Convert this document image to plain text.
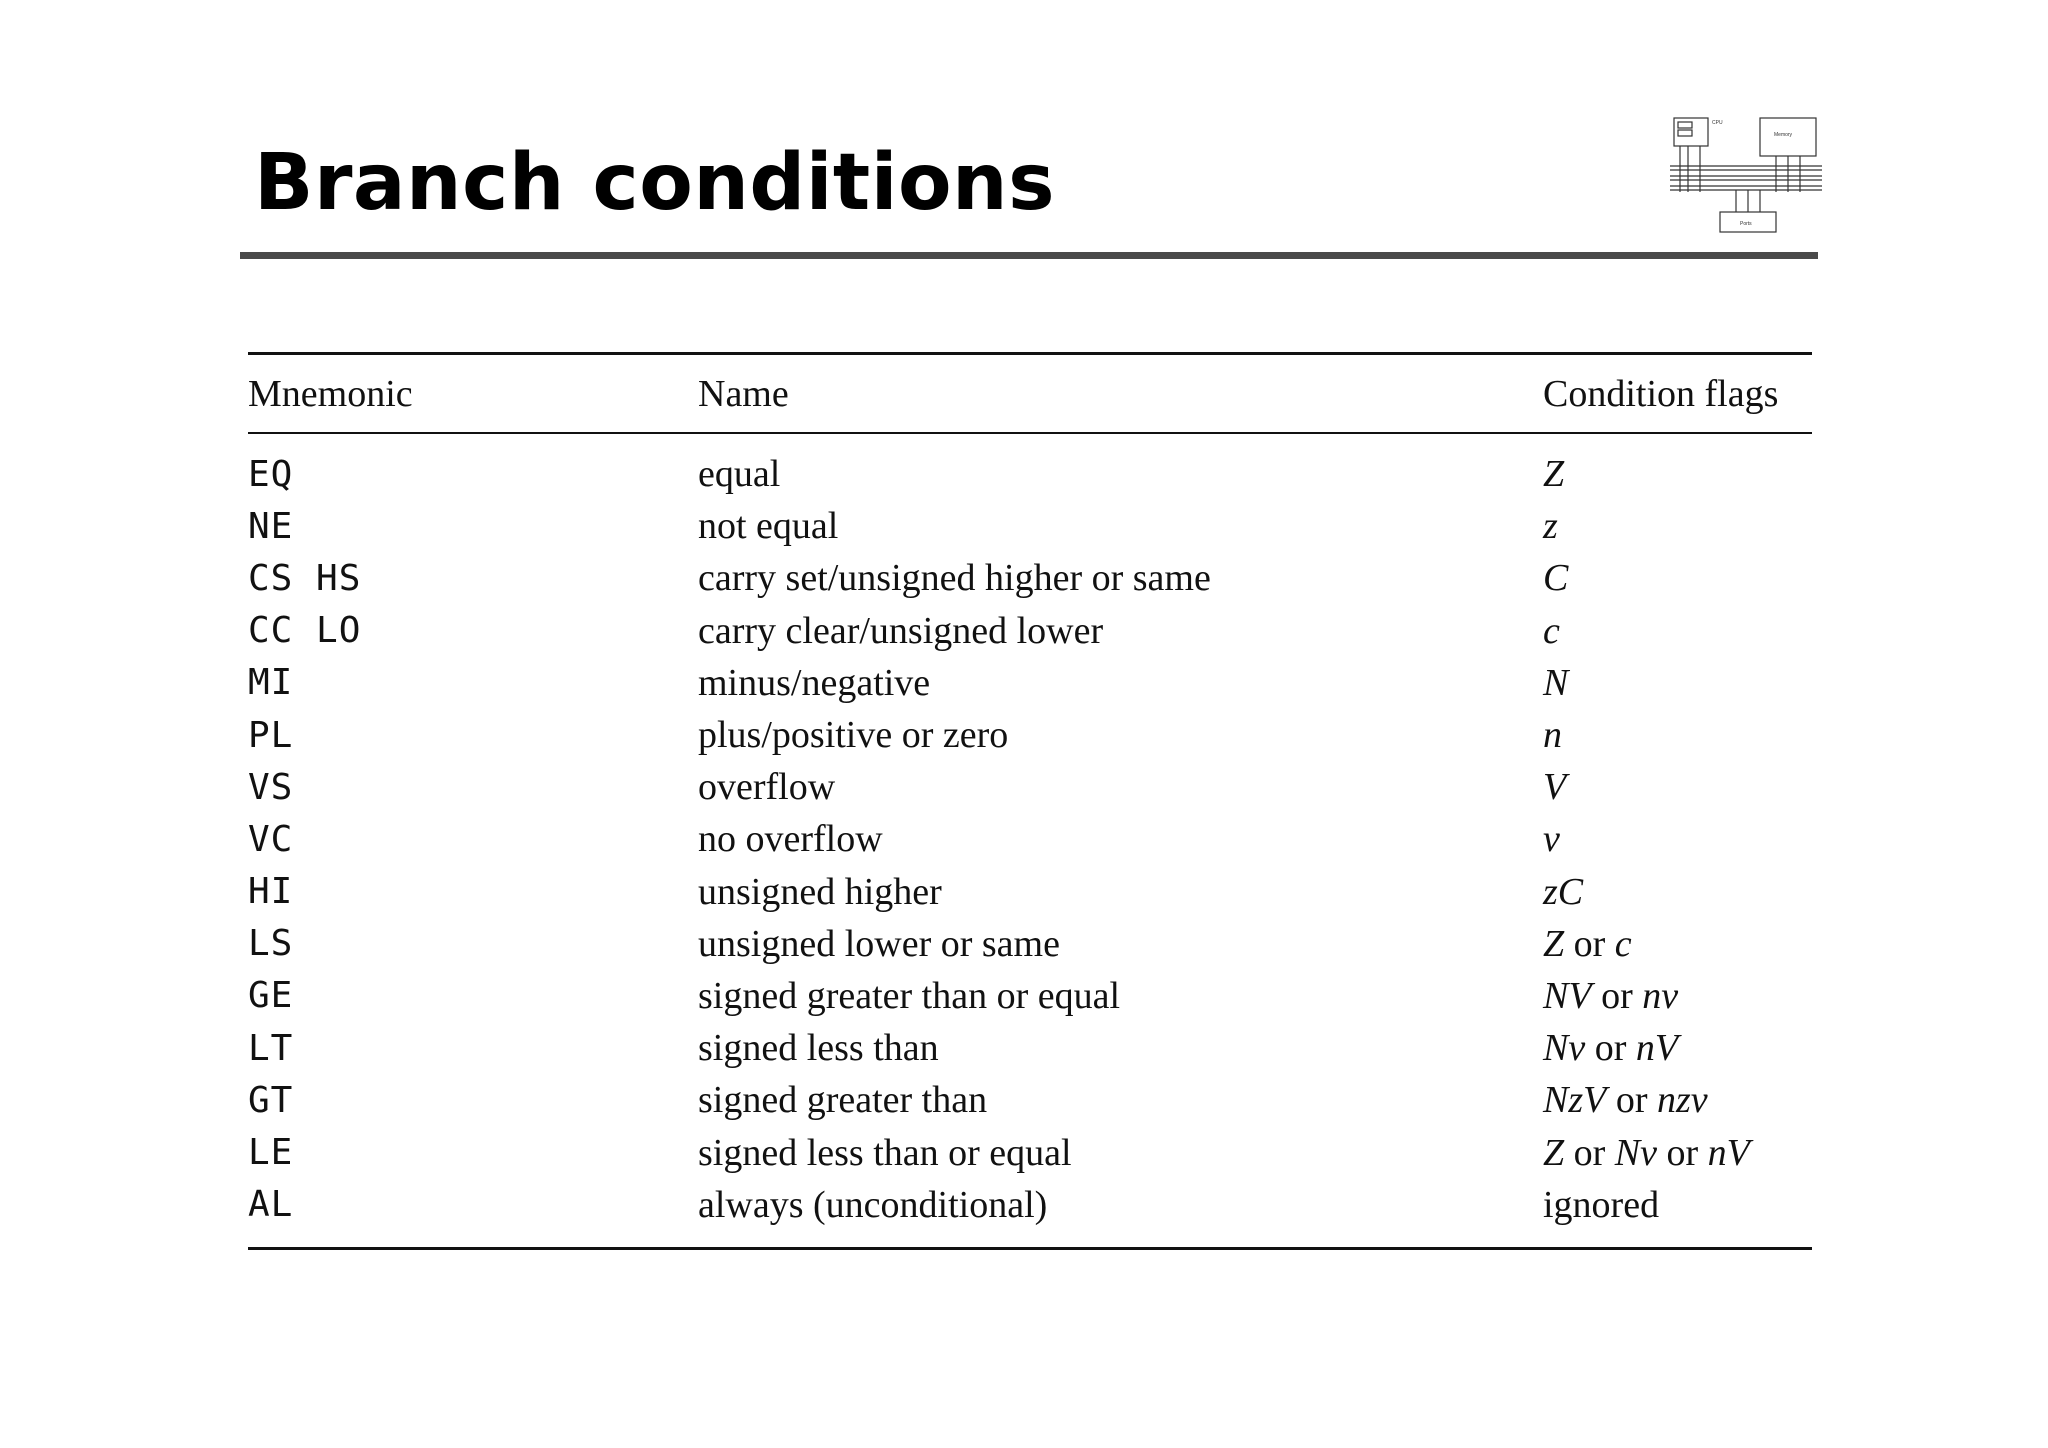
Branch conditions
CPU
Memory
Ports
Mnemonic	Name	Condition flags
EQ	equal	Z
NE	not equal	z
CS HS	carry set/unsigned higher or same	C
CC LO	carry clear/unsigned lower	c
MI	minus/negative	N
PL	plus/positive or zero	n
VS	overflow	V
VC	no overflow	v
HI	unsigned higher	zC
LS	unsigned lower or same	Z or c
GE	signed greater than or equal	NV or nv
LT	signed less than	Nv or nV
GT	signed greater than	NzV or nzv
LE	signed less than or equal	Z or Nv or nV
AL	always (unconditional)	ignored
